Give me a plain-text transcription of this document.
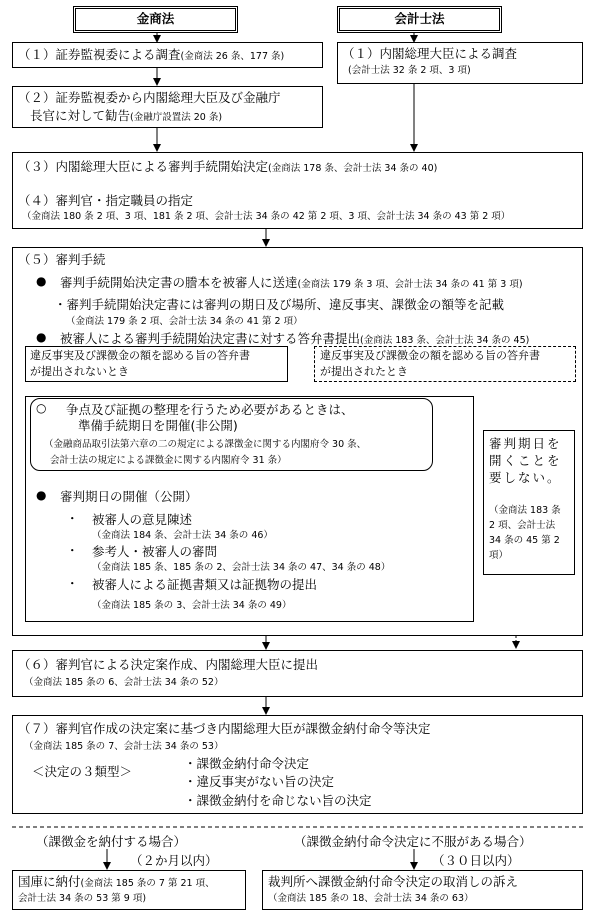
金商法	会計士法
（１）証券監視委による調査(金商法 26 条、177 条)	（１）内閣総理大臣による調査
(会計士法 32 条 2 項、3 項)
（２）証券監視委から内閣総理大臣及び金融庁
長官に対して勧告(金融庁設置法 20 条)
（３）内閣総理大臣による審判手続開始決定(金商法 178 条、会計士法 34 条の 40)
（４）審判官・指定職員の指定
（金商法 180 条 2 項、3 項、181 条 2 項、会計士法 34 条の 42 第 2 項、3 項、会計士法 34 条の 43 第 2 項）
（５）審判手続
● 審判手続開始決定書の謄本を被審人に送達(金商法 179 条 3 項、会計士法 34 条の 41 第 3 項)
・審判手続開始決定書には審判の期日及び場所、違反事実、課徴金の額等を記載
（金商法 179 条 2 項、会計士法 34 条の 41 第 2 項）
● 被審人による審判手続開始決定書に対する答弁書提出(金商法 183 条、会計士法 34 条の 45)
違反事実及び課徴金の額を認める旨の答弁書
が提出されないとき
違反事実及び課徴金の額を認める旨の答弁書
が提出されたとき
○ 争点及び証拠の整理を行うため必要があるときは、
準備手続期日を開催(非公開)
（金融商品取引法第六章の二の規定による課徴金に関する内閣府令 30 条、
会計士法の規定による課徴金に関する内閣府令 31 条）
● 審判期日の開催（公開）
・ 被審人の意見陳述
（金商法 184 条、会計士法 34 条の 46）
・ 参考人・被審人の審問
（金商法 185 条、185 条の 2、会計士法 34 条の 47、34 条の 48）
・ 被審人による証拠書類又は証拠物の提出
（金商法 185 条の 3、会計士法 34 条の 49）
審判期日を
開くことを
要しない。
（金商法 183 条
2 項、会計士法
34 条の 45 第 2
項）
（６）審判官による決定案作成、内閣総理大臣に提出
（金商法 185 条の 6、会計士法 34 条の 52）
（７）審判官作成の決定案に基づき内閣総理大臣が課徴金納付命令等決定
（金商法 185 条の 7、会計士法 34 条の 53）
＜決定の３類型＞
・課徴金納付命令決定
・違反事実がない旨の決定
・課徴金納付を命じない旨の決定
（課徴金を納付する場合）
（２か月以内）
（課徴金納付命令決定に不服がある場合）
（３０日以内）
国庫に納付(金商法 185 条の 7 第 21 項、
会計士法 34 条の 53 第 9 項)
裁判所へ課徴金納付命令決定の取消しの訴え
（金商法 185 条の 18、会計士法 34 条の 63）
